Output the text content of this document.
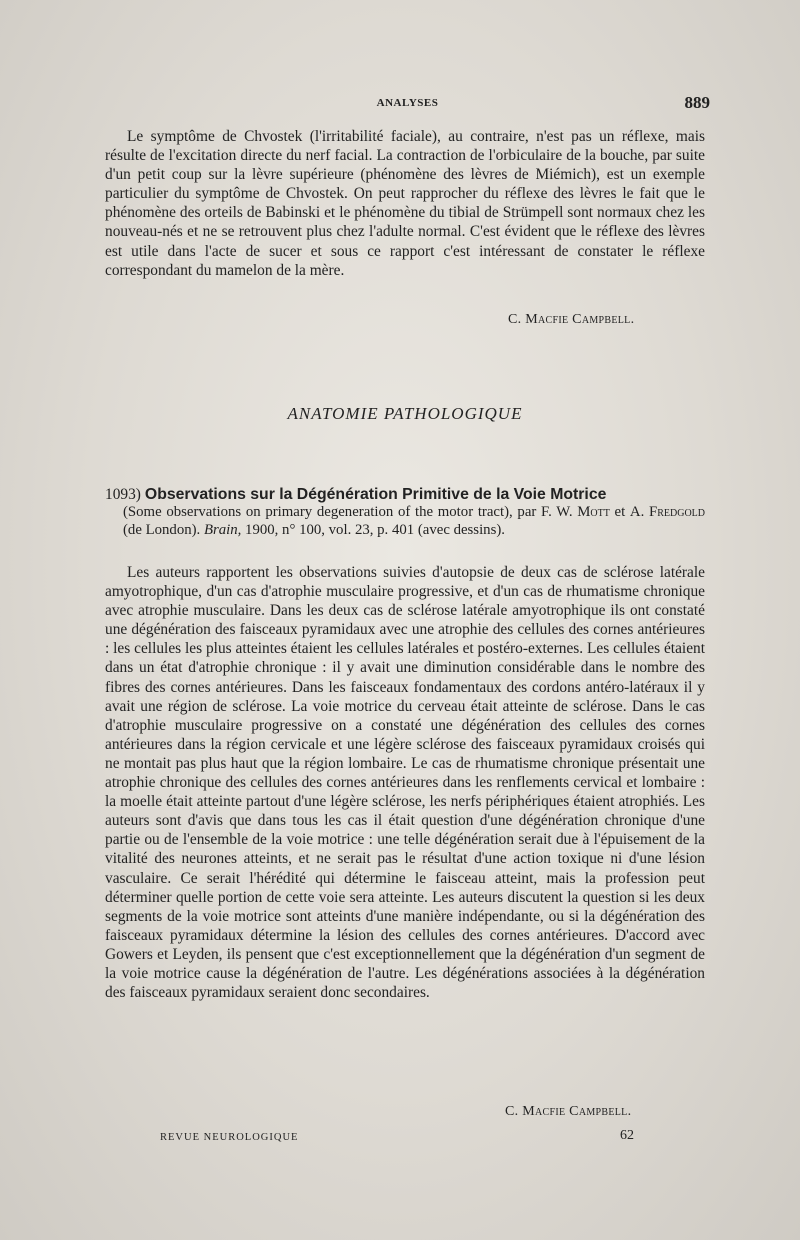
ANALYSES	889

Le symptôme de Chvostek (l'irritabilité faciale), au contraire, n'est pas un réflexe, mais résulte de l'excitation directe du nerf facial. La contraction de l'orbiculaire de la bouche, par suite d'un petit coup sur la lèvre supérieure (phénomène des lèvres de Miémich), est un exemple particulier du symptôme de Chvostek. On peut rapprocher du réflexe des lèvres le fait que le phénomène des orteils de Babinski et le phénomène du tibial de Strümpell sont normaux chez les nouveau-nés et ne se retrouvent plus chez l'adulte normal. C'est évident que le réflexe des lèvres est utile dans l'acte de sucer et sous ce rapport c'est intéressant de constater le réflexe correspondant du mamelon de la mère.

C. Macfie Campbell.
ANATOMIE PATHOLOGIQUE
1093) Observations sur la Dégénération Primitive de la Voie Motrice

(Some observations on primary degeneration of the motor tract), par F. W. Mott et A. Fredgold (de London). Brain, 1900, n° 100, vol. 23, p. 401 (avec dessins).

Les auteurs rapportent les observations suivies d'autopsie de deux cas de sclérose latérale amyotrophique, d'un cas d'atrophie musculaire progressive, et d'un cas de rhumatisme chronique avec atrophie musculaire. Dans les deux cas de sclérose latérale amyotrophique ils ont constaté une dégénération des faisceaux pyramidaux avec une atrophie des cellules des cornes antérieures : les cellules les plus atteintes étaient les cellules latérales et postéro-externes. Les cellules étaient dans un état d'atrophie chronique : il y avait une diminution considérable dans le nombre des fibres des cornes antérieures. Dans les faisceaux fondamentaux des cordons antéro-latéraux il y avait une région de sclérose. La voie motrice du cerveau était atteinte de sclérose. Dans le cas d'atrophie musculaire progressive on a constaté une dégénération des cellules des cornes antérieures dans la région cervicale et une légère sclérose des faisceaux pyramidaux croisés qui ne montait pas plus haut que la région lombaire. Le cas de rhumatisme chronique présentait une atrophie chronique des cellules des cornes antérieures dans les renflements cervical et lombaire : la moelle était atteinte partout d'une légère sclérose, les nerfs périphériques étaient atrophiés. Les auteurs sont d'avis que dans tous les cas il était question d'une dégénération chronique d'une partie ou de l'ensemble de la voie motrice : une telle dégénération serait due à l'épuisement de la vitalité des neurones atteints, et ne serait pas le résultat d'une action toxique ni d'une lésion vasculaire. Ce serait l'hérédité qui détermine le faisceau atteint, mais la profession peut déterminer quelle portion de cette voie sera atteinte. Les auteurs discutent la question si les deux segments de la voie motrice sont atteints d'une manière indépendante, ou si la dégénération des faisceaux pyramidaux détermine la lésion des cellules des cornes antérieures. D'accord avec Gowers et Leyden, ils pensent que c'est exceptionnellement que la dégénération d'un segment de la voie motrice cause la dégénération de l'autre. Les dégénérations associées à la dégénération des faisceaux pyramidaux seraient donc secondaires.

C. Macfie Campbell.
REVUE NEUROLOGIQUE	62
